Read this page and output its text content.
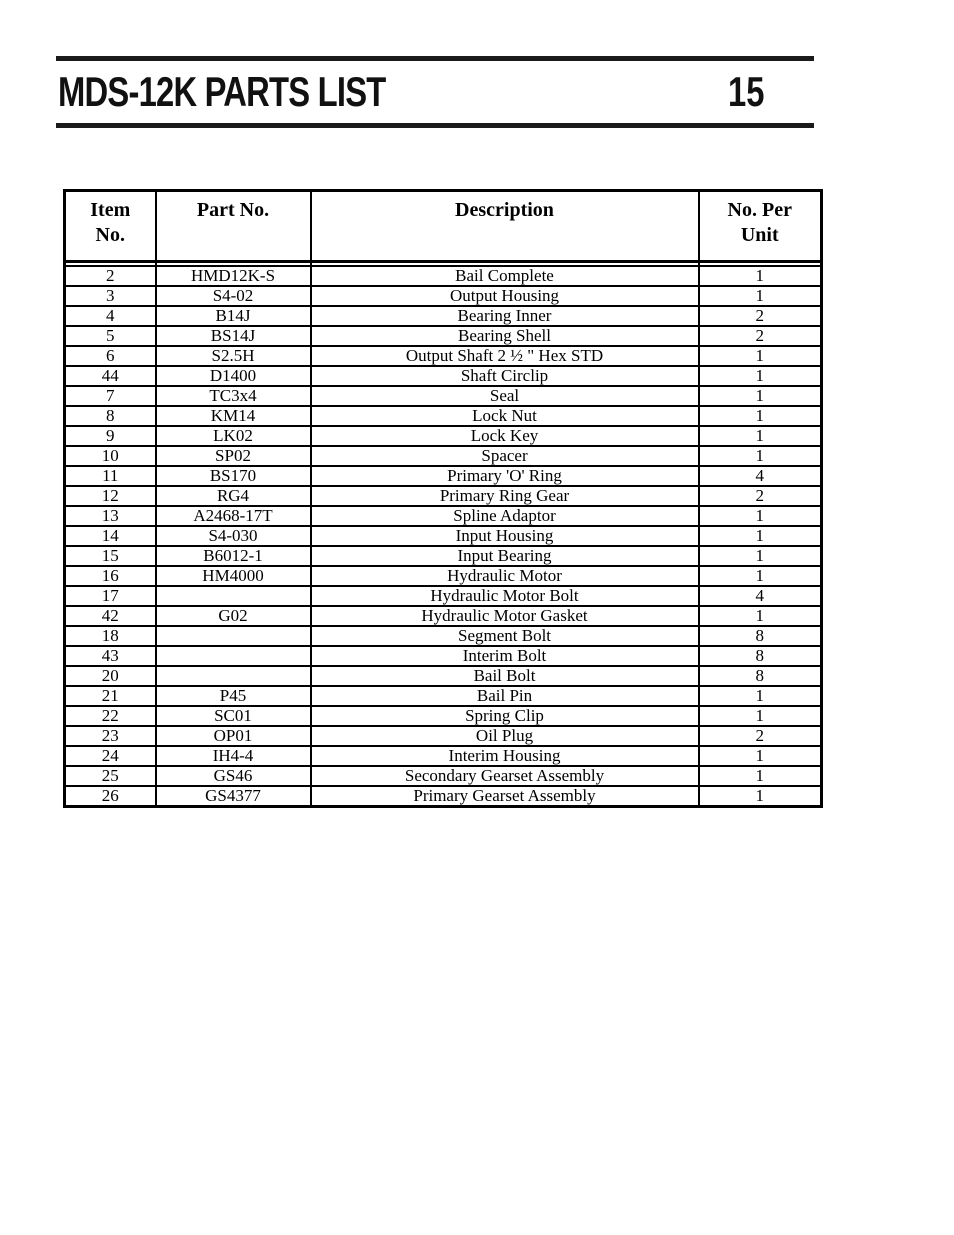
MDS-12K PARTS LIST	15
Item
No.	Part No.	Description	No. Per
Unit

2	HMD12K-S	Bail Complete	1
3	S4-02	Output Housing	1
4	B14J	Bearing Inner	2
5	BS14J	Bearing Shell	2
6	S2.5H	Output Shaft 2 ½ " Hex STD	1
44	D1400	Shaft Circlip	1
7	TC3x4	Seal	1
8	KM14	Lock Nut	1
9	LK02	Lock Key	1
10	SP02	Spacer	1
11	BS170	Primary 'O' Ring	4
12	RG4	Primary Ring Gear	2
13	A2468-17T	Spline Adaptor	1
14	S4-030	Input Housing	1
15	B6012-1	Input Bearing	1
16	HM4000	Hydraulic Motor	1
17		Hydraulic Motor Bolt	4
42	G02	Hydraulic Motor Gasket	1
18		Segment Bolt	8
43		Interim Bolt	8
20		Bail Bolt	8
21	P45	Bail Pin	1
22	SC01	Spring Clip	1
23	OP01	Oil Plug	2
24	IH4-4	Interim Housing	1
25	GS46	Secondary Gearset Assembly	1
26	GS4377	Primary Gearset Assembly	1
